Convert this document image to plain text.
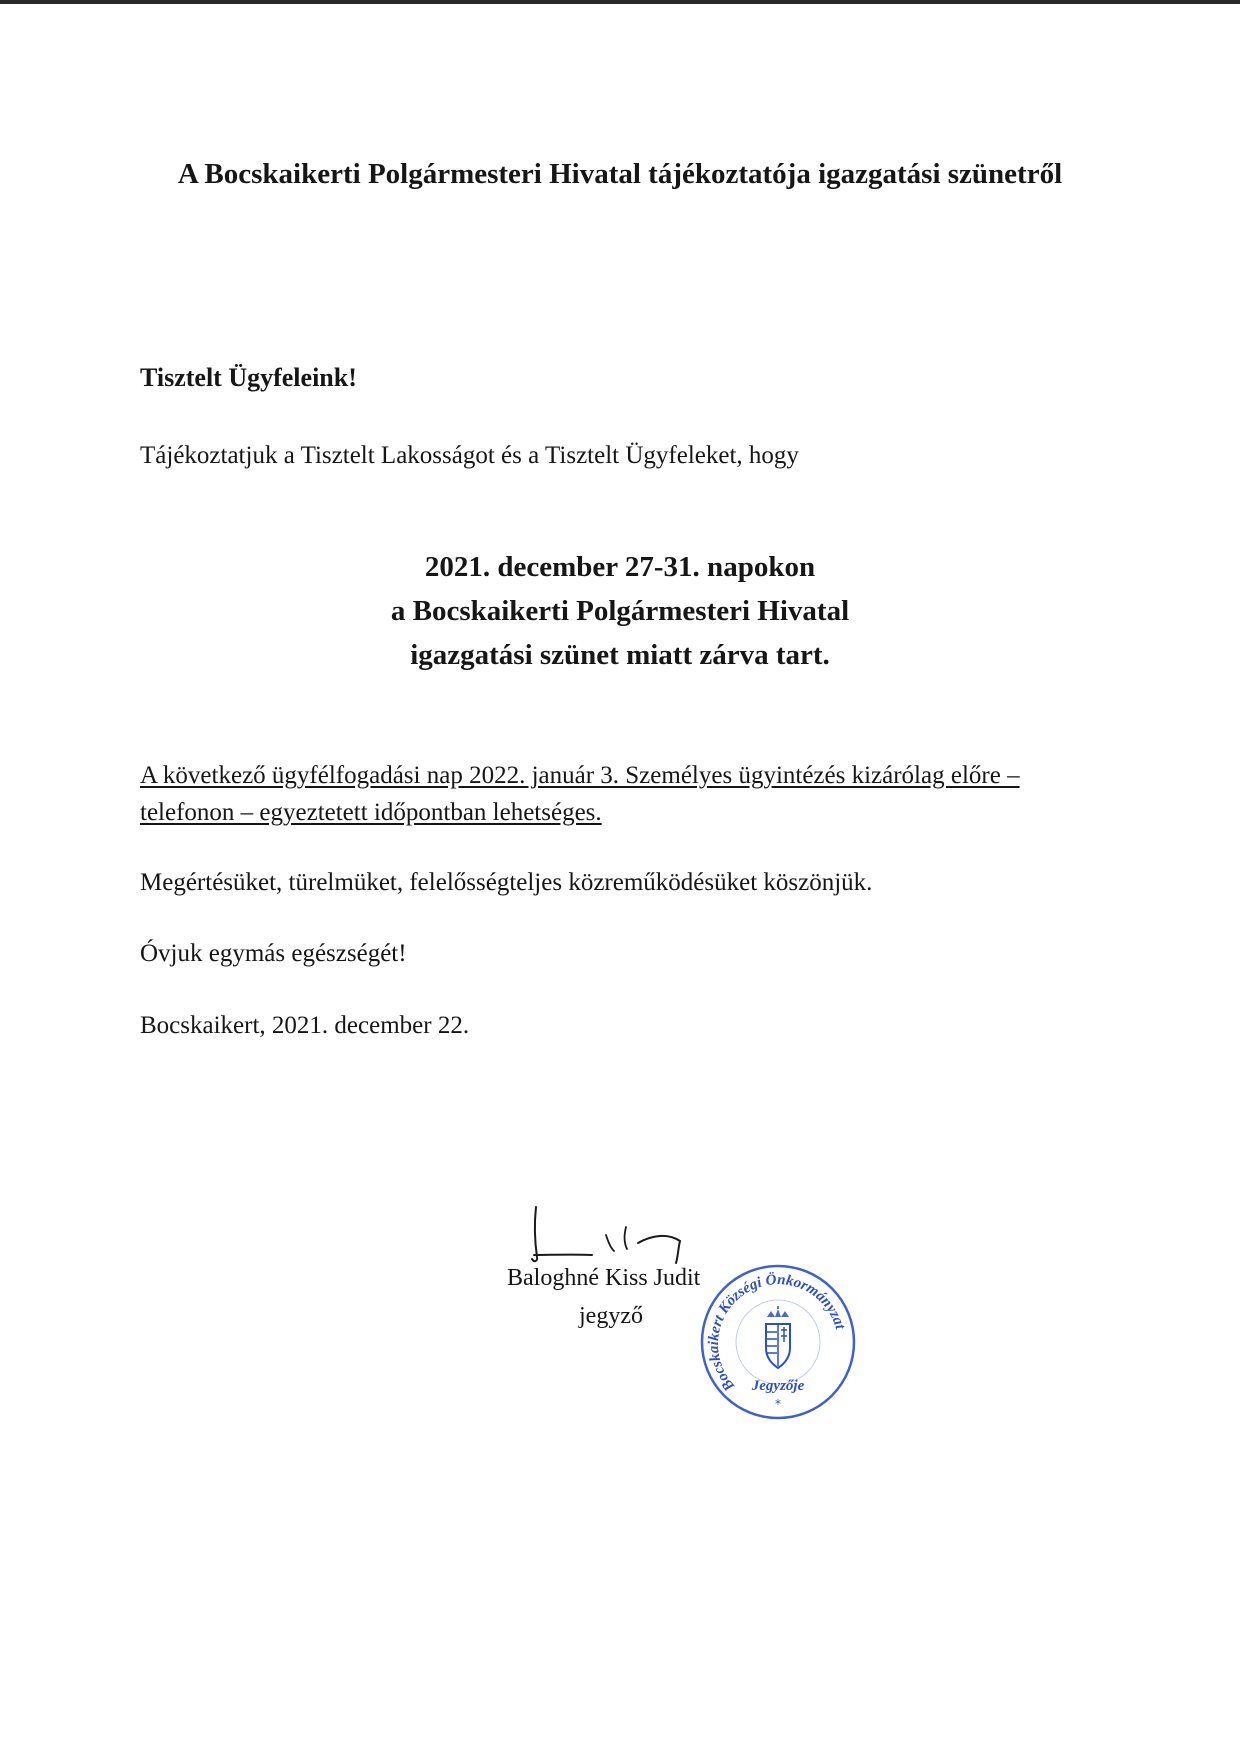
A Bocskaikerti Polgármesteri Hivatal tájékoztatója igazgatási szünetről

Tisztelt Ügyfeleink!

Tájékoztatjuk a Tisztelt Lakosságot és a Tisztelt Ügyfeleket, hogy

2021. december 27-31. napokon
a Bocskaikerti Polgármesteri Hivatal
igazgatási szünet miatt zárva tart.

A következő ügyfélfogadási nap 2022. január 3. Személyes ügyintézés kizárólag előre – telefonon – egyeztetett időpontban lehetséges.

Megértésüket, türelmüket, felelősségteljes közreműködésüket köszönjük.

Óvjuk egymás egészségét!

Bocskaikert, 2021. december 22.

Baloghné Kiss Judit

jegyző

Bocskaikert Községi Önkormányzat
Jegyzője
*
